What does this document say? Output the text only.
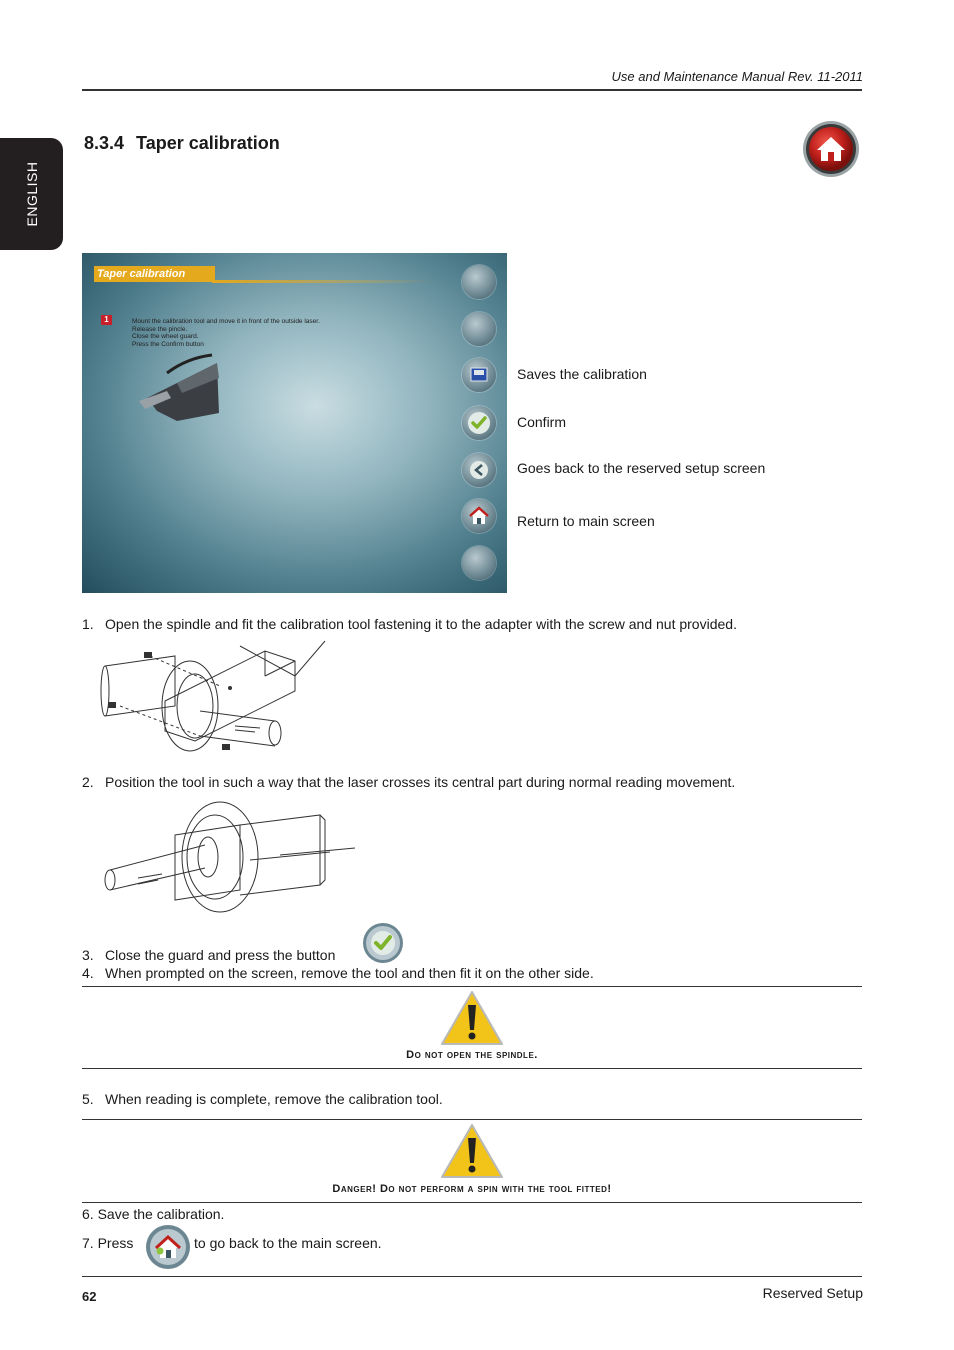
Use and Maintenance Manual Rev. 11-2011
ENGLISH
8.3.4 Taper calibration
Taper calibration
1	Mount the calibration tool and move it in front of the outside laser.
Release the pincle.
Close the wheel guard.
Press the Confirm button
Saves the calibration
Confirm
Goes back to the reserved setup screen
Return to main screen
1. Open the spindle and fit the calibration tool fastening it to the adapter with the screw and nut provided.
2. Position the tool in such a way that the laser crosses its central part during normal reading movement.
3. Close the guard and press the button
4. When prompted on the screen, remove the tool and then fit it on the other side.
Do not open the spindle.
5. When reading is complete, remove the calibration tool.
Danger! Do not perform a spin with the tool fitted!
6. Save the calibration.
7. Press	to go back to the main screen.
62	Reserved Setup
